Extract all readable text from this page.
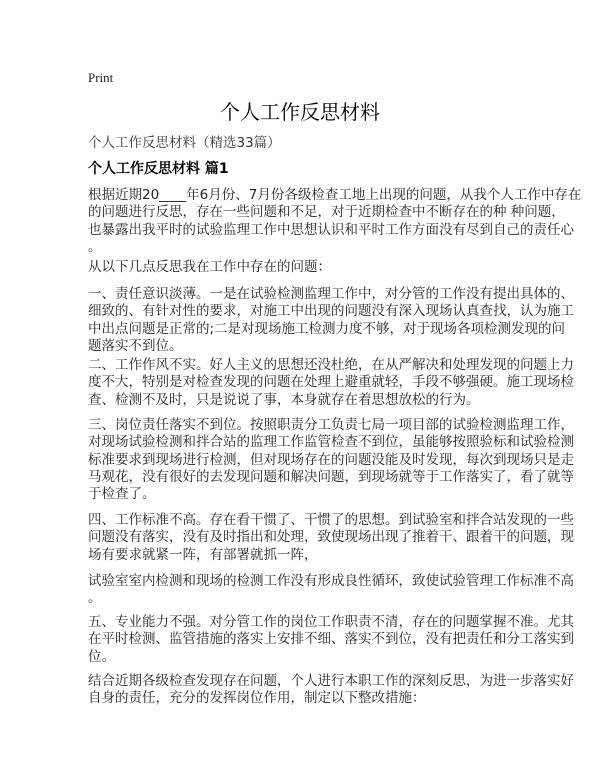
Print
个人工作反思材料
个人工作反思材料（精选33篇）
个人工作反思材料 篇1
根据近期20____年6月份、7月份各级检查工地上出现的问题，从我个人工作中存在
的问题进行反思，存在一些问题和不足，对于近期检查中不断存在的种 种问题，
也暴露出我平时的试验监理工作中思想认识和平时工作方面没有尽到自己的责任心
。
从以下几点反思我在工作中存在的问题：
一、责任意识淡薄。一是在试验检测监理工作中，对分管的工作没有提出具体的、
细致的、有针对性的要求，对施工中出现的问题没有深入现场认真查找，认为施工
中出点问题是正常的;二是对现场施工检测力度不够，对于现场各项检测发现的问
题落实不到位。
二、工作作风不实。好人主义的思想还没杜绝，在从严解决和处理发现的问题上力
度不大，特别是对检查发现的问题在处理上避重就轻，手段不够强硬。施工现场检
查、检测不及时，只是说说了事，本身就存在着思想放松的行为。
三、岗位责任落实不到位。按照职责分工负责七局一项目部的试验检测监理工作，
对现场试验检测和拌合站的监理工作监管检查不到位，虽能够按照验标和试验检测
标准要求到现场进行检测，但对现场存在的问题没能及时发现，每次到现场只是走
马观花，没有很好的去发现问题和解决问题，到现场就等于工作落实了，看了就等
于检查了。
四、工作标准不高。存在看干惯了、干惯了的思想。到试验室和拌合站发现的一些
问题没有落实，没有及时指出和处理，致使现场出现了推着干、跟着干的问题，现
场有要求就紧一阵，有部署就抓一阵，
试验室室内检测和现场的检测工作没有形成良性循环，致使试验管理工作标准不高
。
五、专业能力不强。对分管工作的岗位工作职责不清，存在的问题掌握不准。尤其
在平时检测、监管措施的落实上安排不细、落实不到位，没有把责任和分工落实到
位。
结合近期各级检查发现存在问题，个人进行本职工作的深刻反思，为进一步落实好
自身的责任，充分的发挥岗位作用，制定以下整改措施：
